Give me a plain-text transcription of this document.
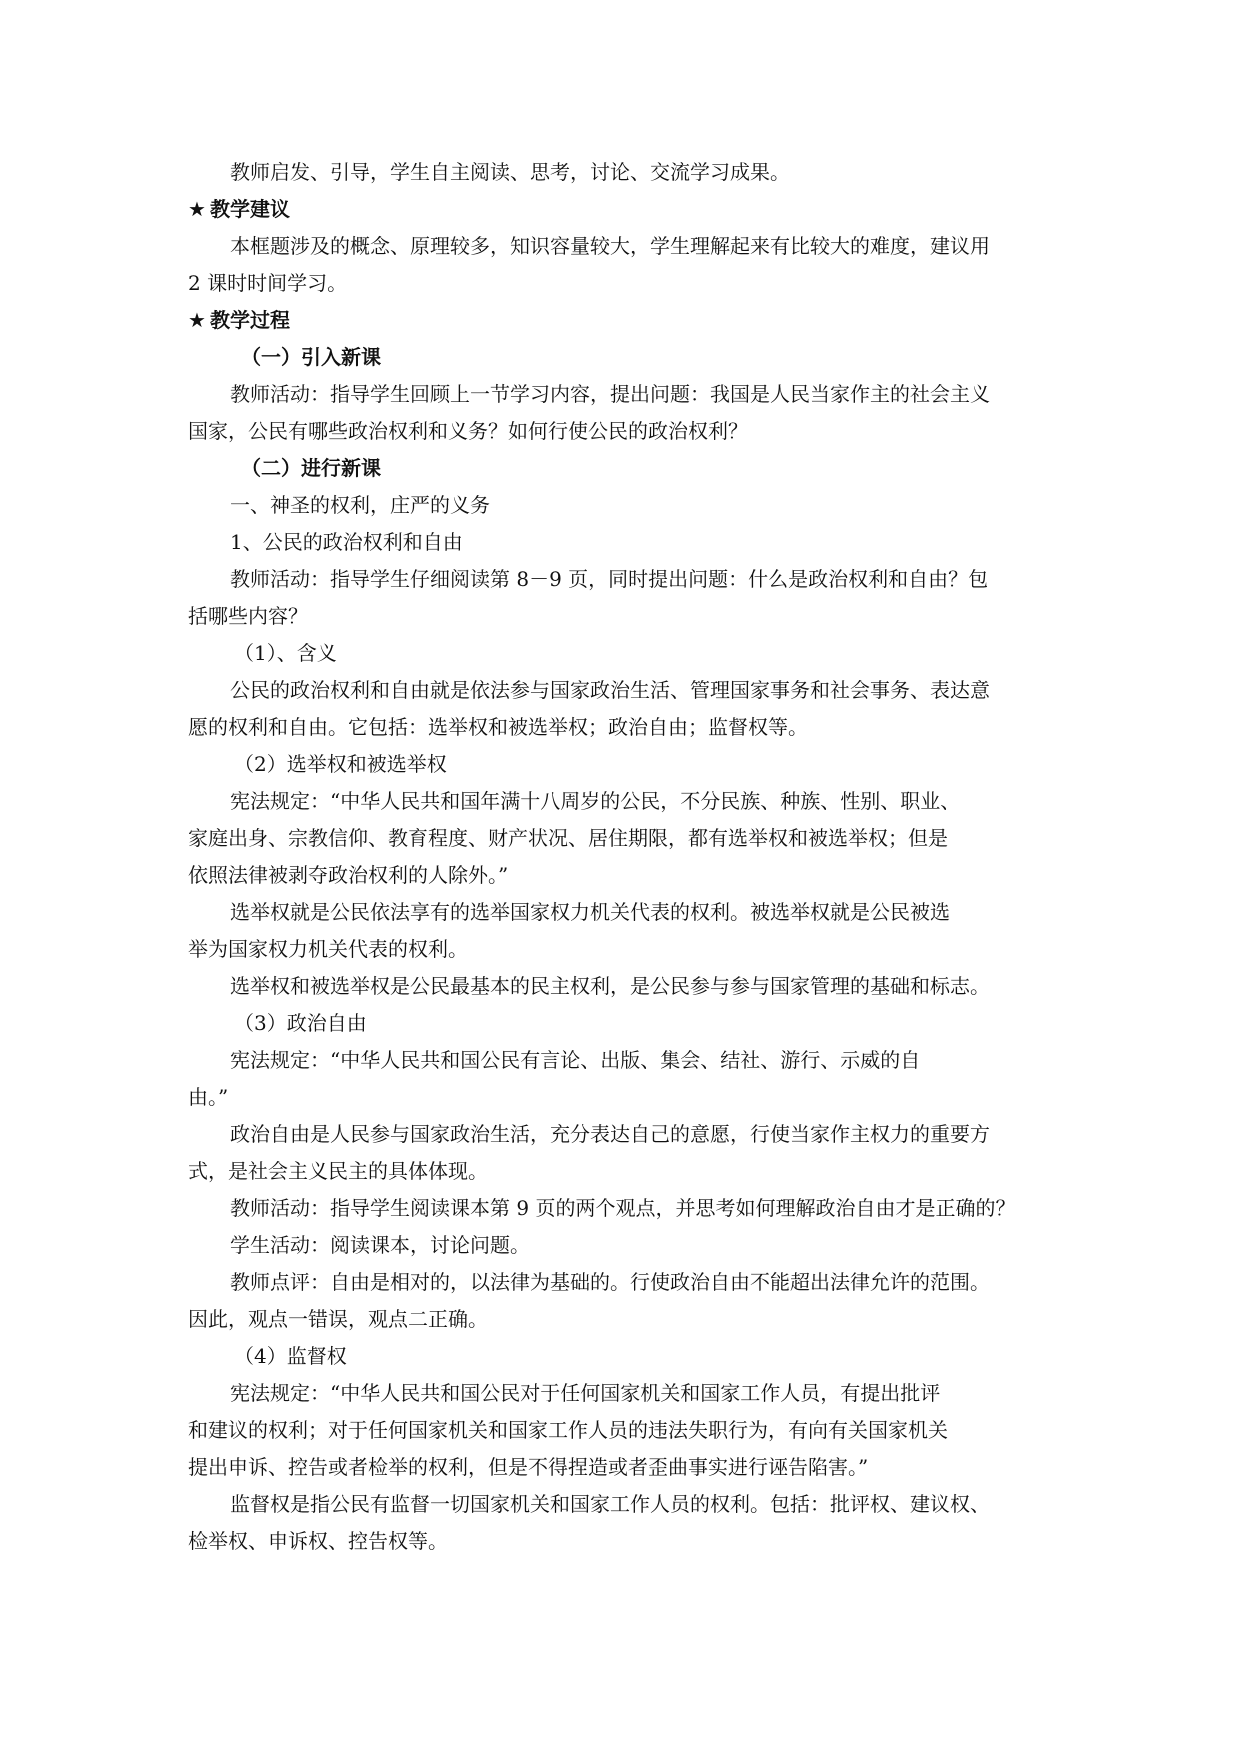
教师启发、引导，学生自主阅读、思考，讨论、交流学习成果。
★ 教学建议
本框题涉及的概念、原理较多，知识容量较大，学生理解起来有比较大的难度，建议用
2 课时时间学习。
★ 教学过程
（一）引入新课
教师活动：指导学生回顾上一节学习内容，提出问题：我国是人民当家作主的社会主义
国家，公民有哪些政治权利和义务？如何行使公民的政治权利？
（二）进行新课
一、神圣的权利，庄严的义务
1、公民的政治权利和自由
教师活动：指导学生仔细阅读第 8－9 页，同时提出问题：什么是政治权利和自由？包
括哪些内容？
（1）、含义
公民的政治权利和自由就是依法参与国家政治生活、管理国家事务和社会事务、表达意
愿的权利和自由。它包括：选举权和被选举权；政治自由；监督权等。
（2）选举权和被选举权
宪法规定：“中华人民共和国年满十八周岁的公民，不分民族、种族、性别、职业、
家庭出身、宗教信仰、教育程度、财产状况、居住期限，都有选举权和被选举权；但是
依照法律被剥夺政治权利的人除外。”
选举权就是公民依法享有的选举国家权力机关代表的权利。被选举权就是公民被选
举为国家权力机关代表的权利。
选举权和被选举权是公民最基本的民主权利，是公民参与参与国家管理的基础和标志。
（3）政治自由
宪法规定：“中华人民共和国公民有言论、出版、集会、结社、游行、示威的自
由。”
政治自由是人民参与国家政治生活，充分表达自己的意愿，行使当家作主权力的重要方
式，是社会主义民主的具体体现。
教师活动：指导学生阅读课本第 9 页的两个观点，并思考如何理解政治自由才是正确的？
学生活动：阅读课本，讨论问题。
教师点评：自由是相对的，以法律为基础的。行使政治自由不能超出法律允许的范围。
因此，观点一错误，观点二正确。
（4）监督权
宪法规定：“中华人民共和国公民对于任何国家机关和国家工作人员，有提出批评
和建议的权利；对于任何国家机关和国家工作人员的违法失职行为，有向有关国家机关
提出申诉、控告或者检举的权利，但是不得捏造或者歪曲事实进行诬告陷害。”
监督权是指公民有监督一切国家机关和国家工作人员的权利。包括：批评权、建议权、
检举权、申诉权、控告权等。
